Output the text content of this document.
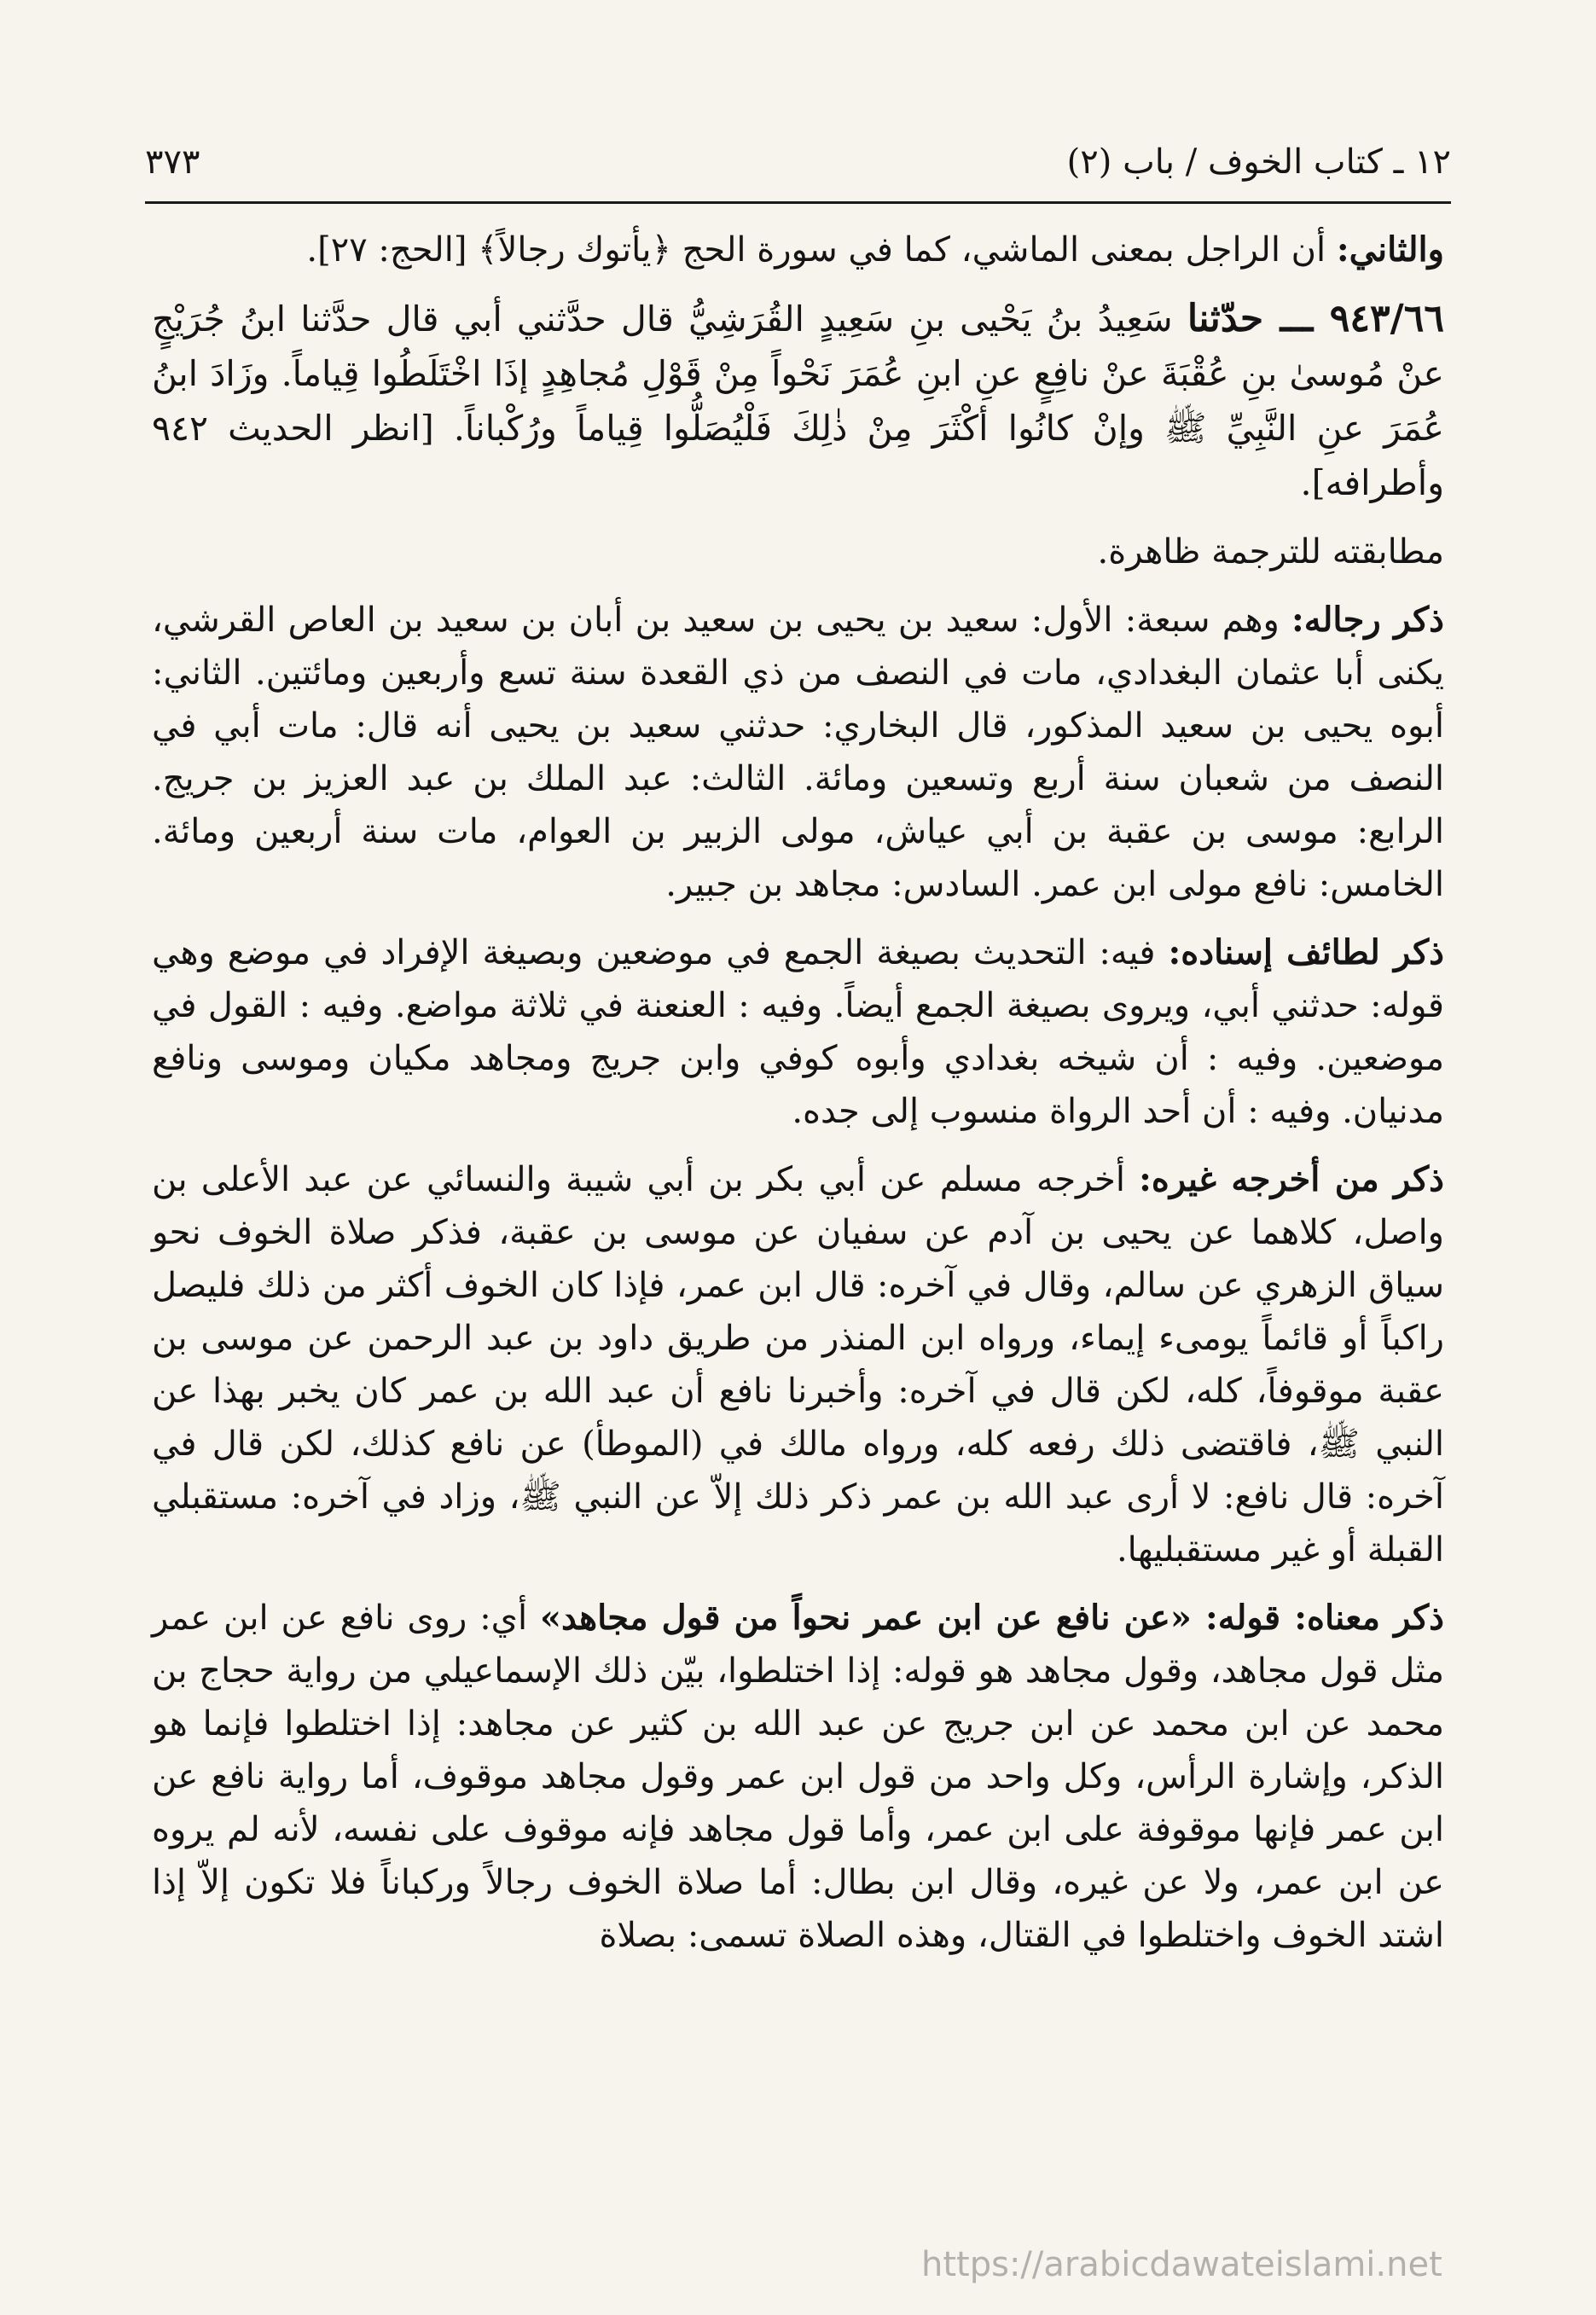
١٢ ـ كتاب الخوف / باب (٢)
٣٧٣

والثاني: أن الراجل بمعنى الماشي، كما في سورة الحج ﴿يأتوك رجالاً﴾ [الحج: ٢٧].

٩٤٣/٦٦ ـــ حدّثنا سَعِيدُ بنُ يَحْيى بنِ سَعِيدٍ القُرَشِيُّ قال حدَّثني أبي قال حدَّثنا ابنُ جُرَيْجٍ عنْ مُوسىٰ بنِ عُقْبَةَ عنْ نافِعٍ عنِ ابنِ عُمَرَ نَحْواً مِنْ قَوْلِ مُجاهِدٍ إذَا اخْتَلَطُوا قِياماً. وزَادَ ابنُ عُمَرَ عنِ النَّبِيِّ ﷺ وإنْ كانُوا أكْثَرَ مِنْ ذٰلِكَ فَلْيُصَلُّوا قِياماً ورُكْباناً. [انظر الحديث ٩٤٢ وأطرافه].

مطابقته للترجمة ظاهرة.

ذكر رجاله: وهم سبعة: الأول: سعيد بن يحيى بن سعيد بن أبان بن سعيد بن العاص القرشي، يكنى أبا عثمان البغدادي، مات في النصف من ذي القعدة سنة تسع وأربعين ومائتين. الثاني: أبوه يحيى بن سعيد المذكور، قال البخاري: حدثني سعيد بن يحيى أنه قال: مات أبي في النصف من شعبان سنة أربع وتسعين ومائة. الثالث: عبد الملك بن عبد العزيز بن جريج. الرابع: موسى بن عقبة بن أبي عياش، مولى الزبير بن العوام، مات سنة أربعين ومائة. الخامس: نافع مولى ابن عمر. السادس: مجاهد بن جبير.

ذكر لطائف إسناده: فيه: التحديث بصيغة الجمع في موضعين وبصيغة الإفراد في موضع وهي قوله: حدثني أبي، ويروى بصيغة الجمع أيضاً. وفيه : العنعنة في ثلاثة مواضع. وفيه : القول في موضعين. وفيه : أن شيخه بغدادي وأبوه كوفي وابن جريج ومجاهد مكيان وموسى ونافع مدنيان. وفيه : أن أحد الرواة منسوب إلى جده.

ذكر من أخرجه غيره: أخرجه مسلم عن أبي بكر بن أبي شيبة والنسائي عن عبد الأعلى بن واصل، كلاهما عن يحيى بن آدم عن سفيان عن موسى بن عقبة، فذكر صلاة الخوف نحو سياق الزهري عن سالم، وقال في آخره: قال ابن عمر، فإذا كان الخوف أكثر من ذلك فليصل راكباً أو قائماً يومىء إيماء، ورواه ابن المنذر من طريق داود بن عبد الرحمن عن موسى بن عقبة موقوفاً، كله، لكن قال في آخره: وأخبرنا نافع أن عبد الله بن عمر كان يخبر بهذا عن النبي ﷺ، فاقتضى ذلك رفعه كله، ورواه مالك في (الموطأ) عن نافع كذلك، لكن قال في آخره: قال نافع: لا أرى عبد الله بن عمر ذكر ذلك إلاّ عن النبي ﷺ، وزاد في آخره: مستقبلي القبلة أو غير مستقبليها.

ذكر معناه: قوله: «عن نافع عن ابن عمر نحواً من قول مجاهد» أي: روى نافع عن ابن عمر مثل قول مجاهد، وقول مجاهد هو قوله: إذا اختلطوا، بيّن ذلك الإسماعيلي من رواية حجاج بن محمد عن ابن محمد عن ابن جريج عن عبد الله بن كثير عن مجاهد: إذا اختلطوا فإنما هو الذكر، وإشارة الرأس، وكل واحد من قول ابن عمر وقول مجاهد موقوف، أما رواية نافع عن ابن عمر فإنها موقوفة على ابن عمر، وأما قول مجاهد فإنه موقوف على نفسه، لأنه لم يروه عن ابن عمر، ولا عن غيره، وقال ابن بطال: أما صلاة الخوف رجالاً وركباناً فلا تكون إلاّ إذا اشتد الخوف واختلطوا في القتال، وهذه الصلاة تسمى: بصلاة

https://arabicdawateislami.net
